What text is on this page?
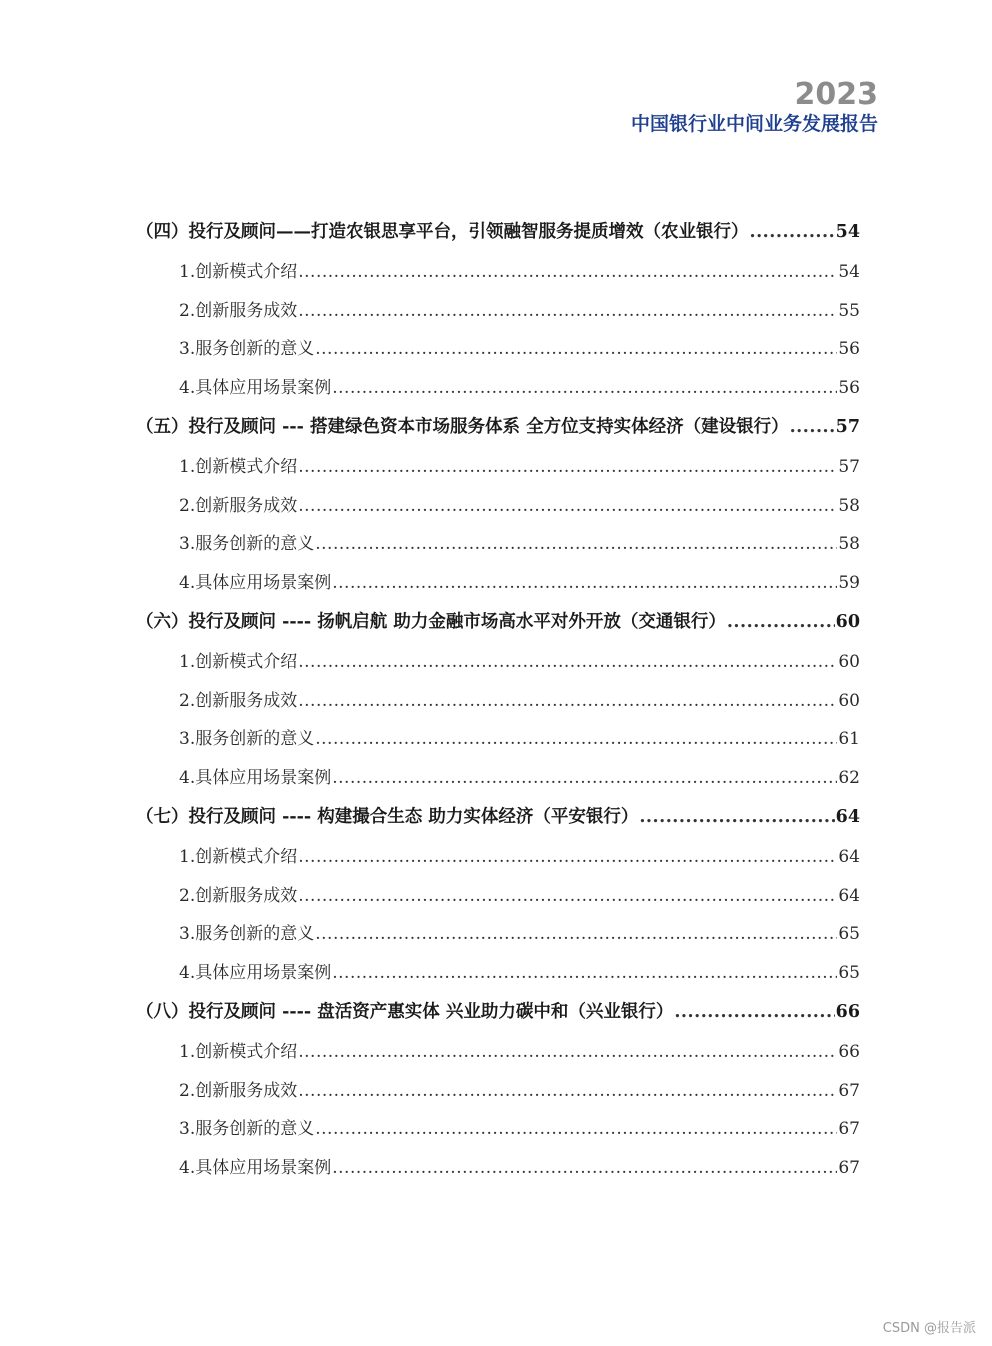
2023
中国银行业中间业务发展报告
（四）投行及顾问——打造农银思享平台，引领融智服务提质增效（农业银行） .....	54
1.创新模式介绍 .....	54
2.创新服务成效 .....	55
3.服务创新的意义 .....	56
4.具体应用场景案例 .....	56
（五）投行及顾问 --- 搭建绿色资本市场服务体系 全方位支持实体经济（建设银行） .....	57
1.创新模式介绍 .....	57
2.创新服务成效 .....	58
3.服务创新的意义 .....	58
4.具体应用场景案例 .....	59
（六）投行及顾问 ---- 扬帆启航 助力金融市场高水平对外开放（交通银行） .....	60
1.创新模式介绍 .....	60
2.创新服务成效 .....	60
3.服务创新的意义 .....	61
4.具体应用场景案例 .....	62
（七）投行及顾问 ---- 构建撮合生态 助力实体经济（平安银行） .....	64
1.创新模式介绍 .....	64
2.创新服务成效 .....	64
3.服务创新的意义 .....	65
4.具体应用场景案例 .....	65
（八）投行及顾问 ---- 盘活资产惠实体 兴业助力碳中和（兴业银行） .....	66
1.创新模式介绍 .....	66
2.创新服务成效 .....	67
3.服务创新的意义 .....	67
4.具体应用场景案例 .....	67
CSDN @报告派
